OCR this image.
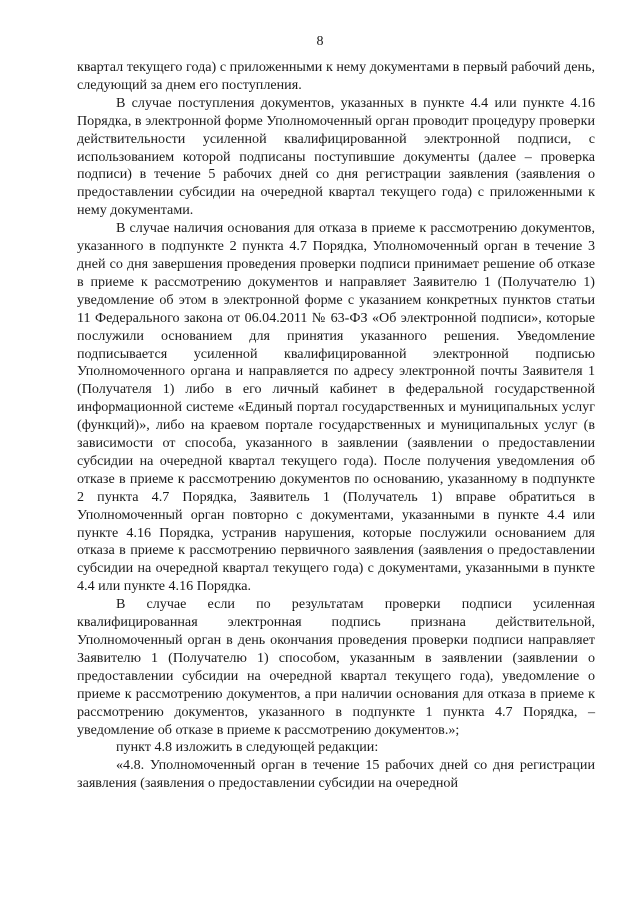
8

квартал текущего года) с приложенными к нему документами в первый рабочий день, следующий за днем его поступления.

В случае поступления документов, указанных в пункте 4.4 или пункте 4.16 Порядка, в электронной форме Уполномоченный орган проводит процедуру проверки действительности усиленной квалифицированной электронной подписи, с использованием которой подписаны поступившие документы (далее – проверка подписи) в течение 5 рабочих дней со дня регистрации заявления (заявления о предоставлении субсидии на очередной квартал текущего года) с приложенными к нему документами.

В случае наличия основания для отказа в приеме к рассмотрению документов, указанного в подпункте 2 пункта 4.7 Порядка, Уполномоченный орган в течение 3 дней со дня завершения проведения проверки подписи принимает решение об отказе в приеме к рассмотрению документов и направляет Заявителю 1 (Получателю 1) уведомление об этом в электронной форме с указанием конкретных пунктов статьи 11 Федерального закона от 06.04.2011 № 63-ФЗ «Об электронной подписи», которые послужили основанием для принятия указанного решения. Уведомление подписывается усиленной квалифицированной электронной подписью Уполномоченного органа и направляется по адресу электронной почты Заявителя 1 (Получателя 1) либо в его личный кабинет в федеральной государственной информационной системе «Единый портал государственных и муниципальных услуг (функций)», либо на краевом портале государственных и муниципальных услуг (в зависимости от способа, указанного в заявлении (заявлении о предоставлении субсидии на очередной квартал текущего года). После получения уведомления об отказе в приеме к рассмотрению документов по основанию, указанному в подпункте 2 пункта 4.7 Порядка, Заявитель 1 (Получатель 1) вправе обратиться в Уполномоченный орган повторно с документами, указанными в пункте 4.4 или пункте 4.16 Порядка, устранив нарушения, которые послужили основанием для отказа в приеме к рассмотрению первичного заявления (заявления о предоставлении субсидии на очередной квартал текущего года) с документами, указанными в пункте 4.4 или пункте 4.16 Порядка.

В случае если по результатам проверки подписи усиленная квалифицированная электронная подпись признана действительной, Уполномоченный орган в день окончания проведения проверки подписи направляет Заявителю 1 (Получателю 1) способом, указанным в заявлении (заявлении о предоставлении субсидии на очередной квартал текущего года), уведомление о приеме к рассмотрению документов, а при наличии основания для отказа в приеме к рассмотрению документов, указанного в подпункте 1 пункта 4.7 Порядка, – уведомление об отказе в приеме к рассмотрению документов.»;

пункт 4.8 изложить в следующей редакции:

«4.8. Уполномоченный орган в течение 15 рабочих дней со дня регистрации заявления (заявления о предоставлении субсидии на очередной
